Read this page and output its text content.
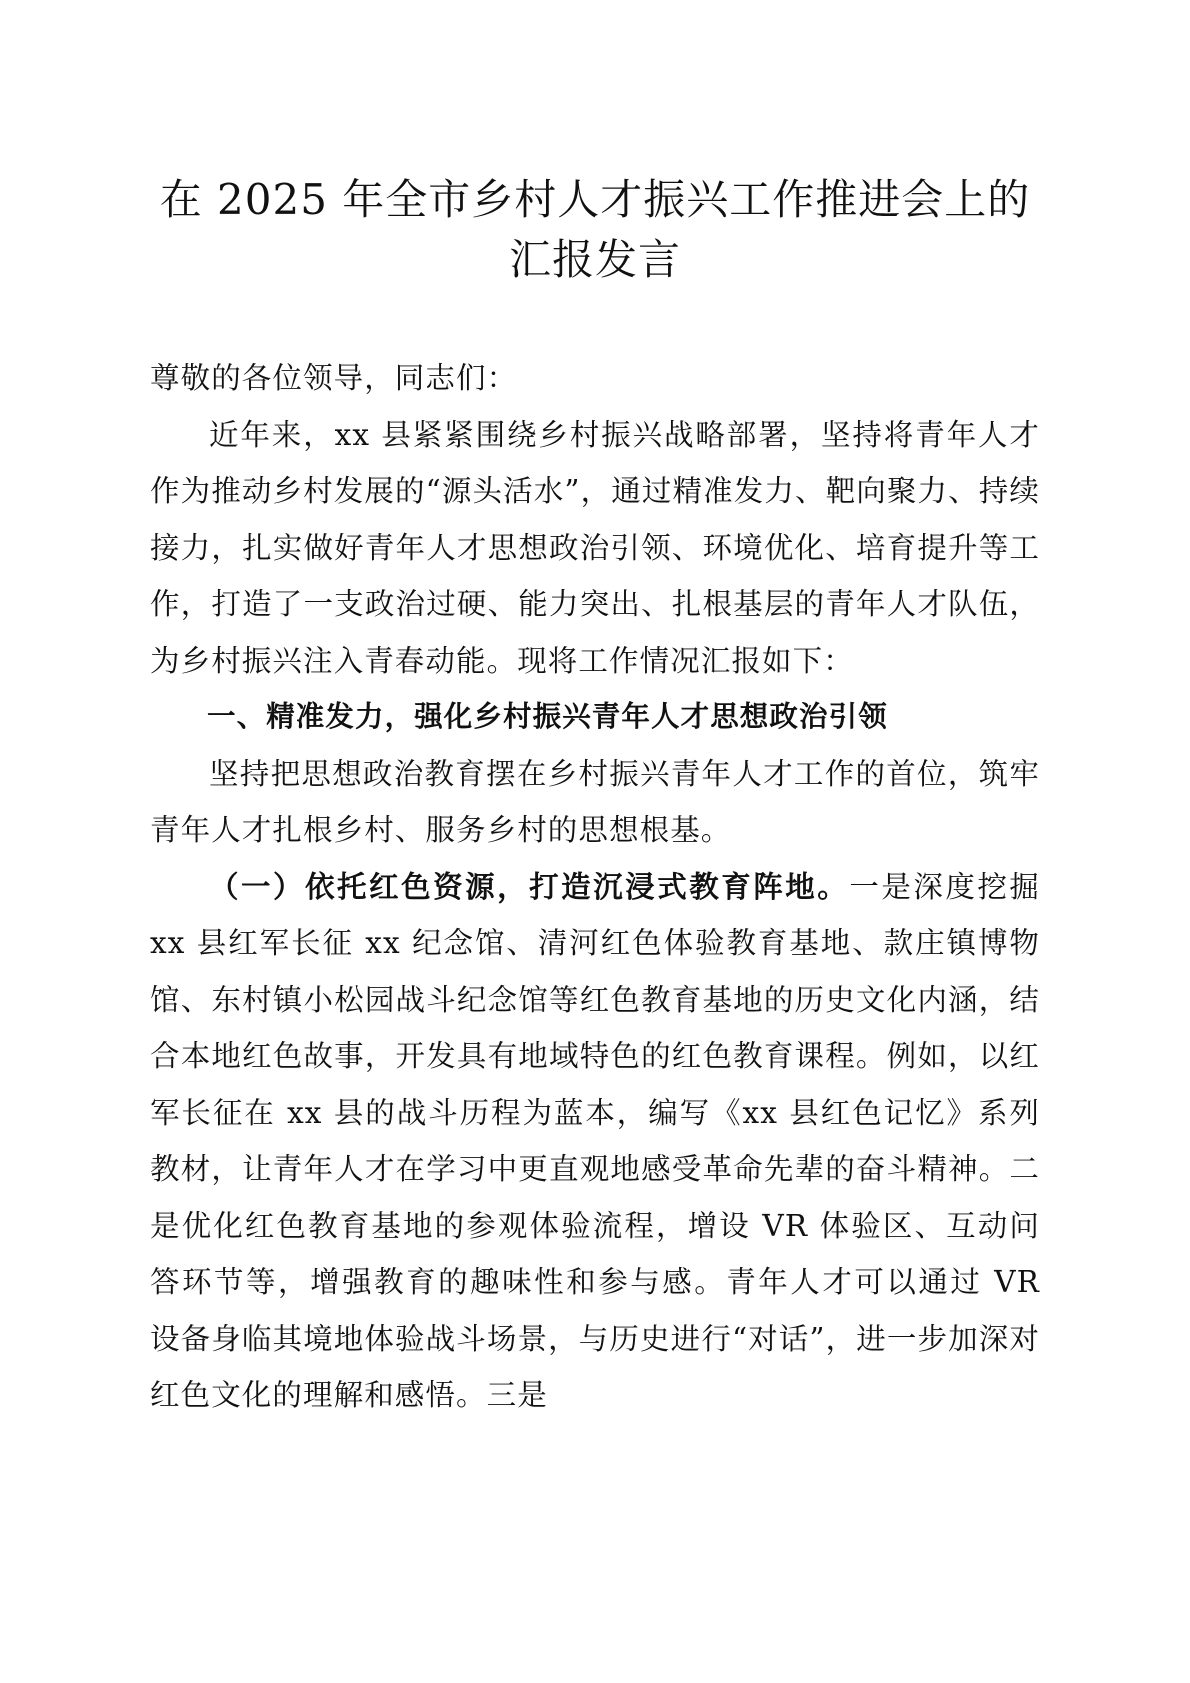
在 2025 年全市乡村人才振兴工作推进会上的
汇报发言

尊敬的各位领导，同志们：

近年来，xx 县紧紧围绕乡村振兴战略部署，坚持将青年人才作为推动乡村发展的“源头活水”，通过精准发力、靶向聚力、持续接力，扎实做好青年人才思想政治引领、环境优化、培育提升等工作，打造了一支政治过硬、能力突出、扎根基层的青年人才队伍，为乡村振兴注入青春动能。现将工作情况汇报如下：

一、精准发力，强化乡村振兴青年人才思想政治引领

坚持把思想政治教育摆在乡村振兴青年人才工作的首位，筑牢青年人才扎根乡村、服务乡村的思想根基。

（一）依托红色资源，打造沉浸式教育阵地。一是深度挖掘 xx 县红军长征 xx 纪念馆、清河红色体验教育基地、款庄镇博物馆、东村镇小松园战斗纪念馆等红色教育基地的历史文化内涵，结合本地红色故事，开发具有地域特色的红色教育课程。例如，以红军长征在 xx 县的战斗历程为蓝本，编写《xx 县红色记忆》系列教材，让青年人才在学习中更直观地感受革命先辈的奋斗精神。二是优化红色教育基地的参观体验流程，增设 VR 体验区、互动问答环节等，增强教育的趣味性和参与感。青年人才可以通过 VR 设备身临其境地体验战斗场景，与历史进行“对话”，进一步加深对红色文化的理解和感悟。三是
